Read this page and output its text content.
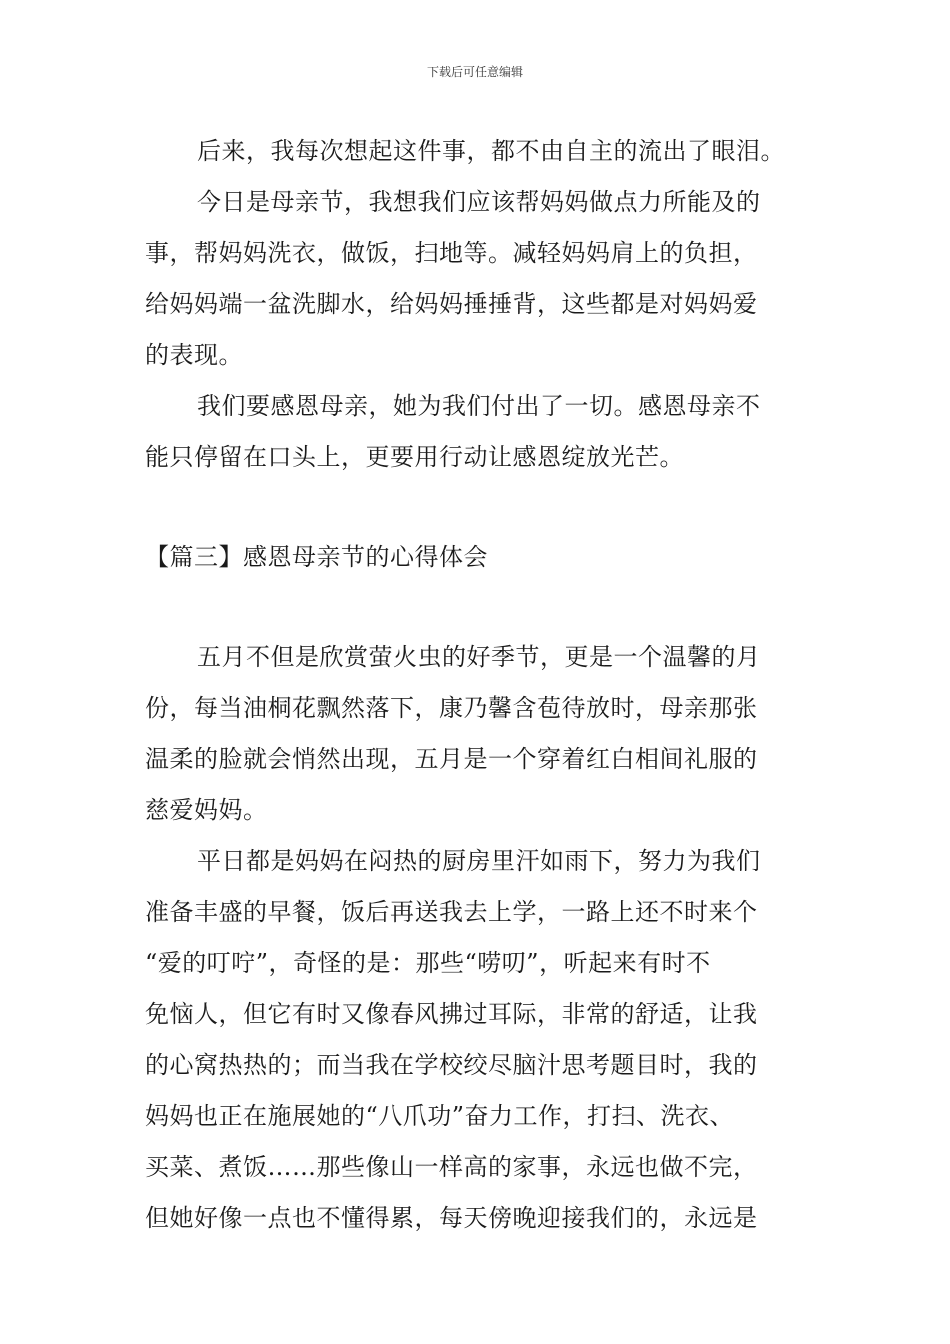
下载后可任意编辑

后来，我每次想起这件事，都不由自主的流出了眼泪。

今日是母亲节，我想我们应该帮妈妈做点力所能及的
事，帮妈妈洗衣，做饭，扫地等。减轻妈妈肩上的负担，
给妈妈端一盆洗脚水，给妈妈捶捶背，这些都是对妈妈爱
的表现。

我们要感恩母亲，她为我们付出了一切。感恩母亲不
能只停留在口头上，更要用行动让感恩绽放光芒。

【篇三】感恩母亲节的心得体会

五月不但是欣赏萤火虫的好季节，更是一个温馨的月
份，每当油桐花飘然落下，康乃馨含苞待放时，母亲那张
温柔的脸就会悄然出现，五月是一个穿着红白相间礼服的
慈爱妈妈。

平日都是妈妈在闷热的厨房里汗如雨下，努力为我们
准备丰盛的早餐，饭后再送我去上学，一路上还不时来个
“爱的叮咛”，奇怪的是：那些“唠叨”，听起来有时不
免恼人，但它有时又像春风拂过耳际，非常的舒适，让我
的心窝热热的；而当我在学校绞尽脑汁思考题目时，我的
妈妈也正在施展她的“八爪功”奋力工作，打扫、洗衣、
买菜、煮饭……那些像山一样高的家事，永远也做不完，
但她好像一点也不懂得累，每天傍晚迎接我们的，永远是
